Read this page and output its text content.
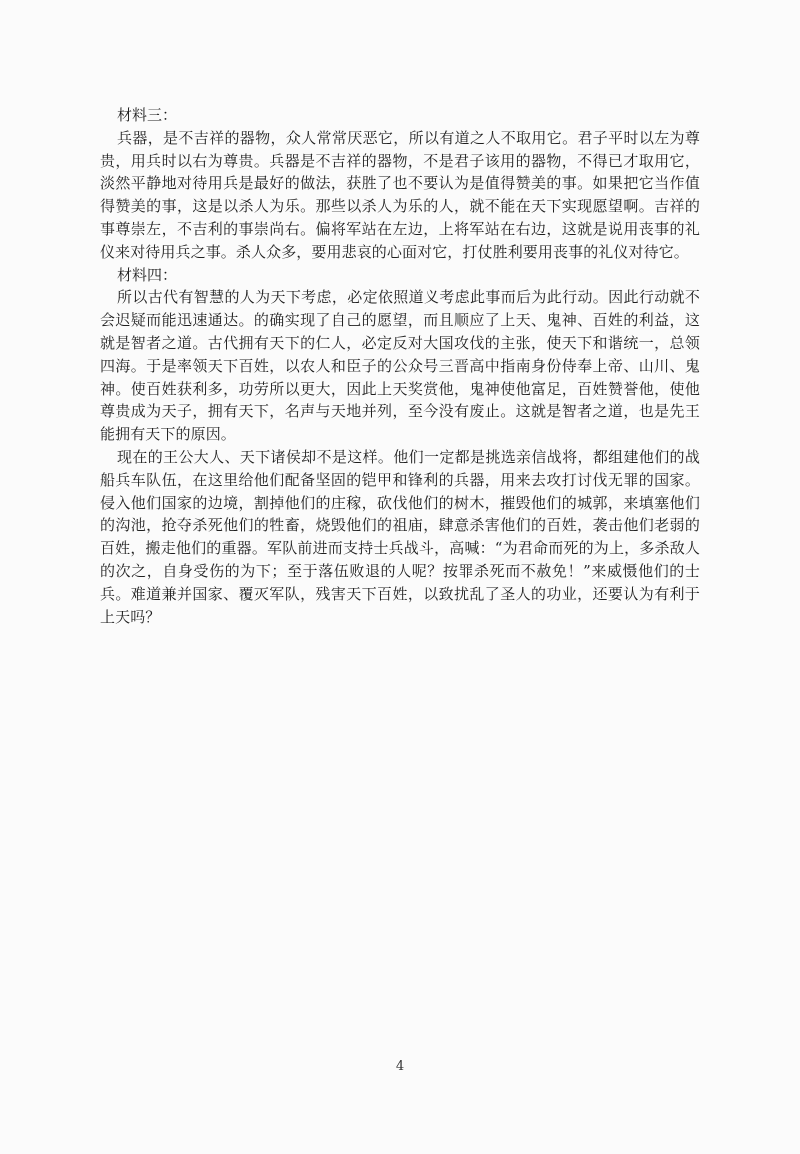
材料三：

兵器，是不吉祥的器物，众人常常厌恶它，所以有道之人不取用它。君子平时以左为尊贵，用兵时以右为尊贵。兵器是不吉祥的器物，不是君子该用的器物，不得已才取用它，淡然平静地对待用兵是最好的做法，获胜了也不要认为是值得赞美的事。如果把它当作值得赞美的事，这是以杀人为乐。那些以杀人为乐的人，就不能在天下实现愿望啊。吉祥的事尊崇左，不吉利的事崇尚右。偏将军站在左边，上将军站在右边，这就是说用丧事的礼仪来对待用兵之事。杀人众多，要用悲哀的心面对它，打仗胜利要用丧事的礼仪对待它。

材料四：

所以古代有智慧的人为天下考虑，必定依照道义考虑此事而后为此行动。因此行动就不会迟疑而能迅速通达。的确实现了自己的愿望，而且顺应了上天、鬼神、百姓的利益，这就是智者之道。古代拥有天下的仁人，必定反对大国攻伐的主张，使天下和谐统一，总领四海。于是率领天下百姓，以农人和臣子的公众号三晋高中指南身份侍奉上帝、山川、鬼神。使百姓获利多，功劳所以更大，因此上天奖赏他，鬼神使他富足，百姓赞誉他，使他尊贵成为天子，拥有天下，名声与天地并列，至今没有废止。这就是智者之道，也是先王能拥有天下的原因。

现在的王公大人、天下诸侯却不是这样。他们一定都是挑选亲信战将，都组建他们的战船兵车队伍，在这里给他们配备坚固的铠甲和锋利的兵器，用来去攻打讨伐无罪的国家。侵入他们国家的边境，割掉他们的庄稼，砍伐他们的树木，摧毁他们的城郭，来填塞他们的沟池，抢夺杀死他们的牲畜，烧毁他们的祖庙，肆意杀害他们的百姓，袭击他们老弱的百姓，搬走他们的重器。军队前进而支持士兵战斗，高喊：“为君命而死的为上，多杀敌人的次之，自身受伤的为下；至于落伍败退的人呢？按罪杀死而不赦免！”来威慑他们的士兵。难道兼并国家、覆灭军队，残害天下百姓，以致扰乱了圣人的功业，还要认为有利于上天吗？

4
